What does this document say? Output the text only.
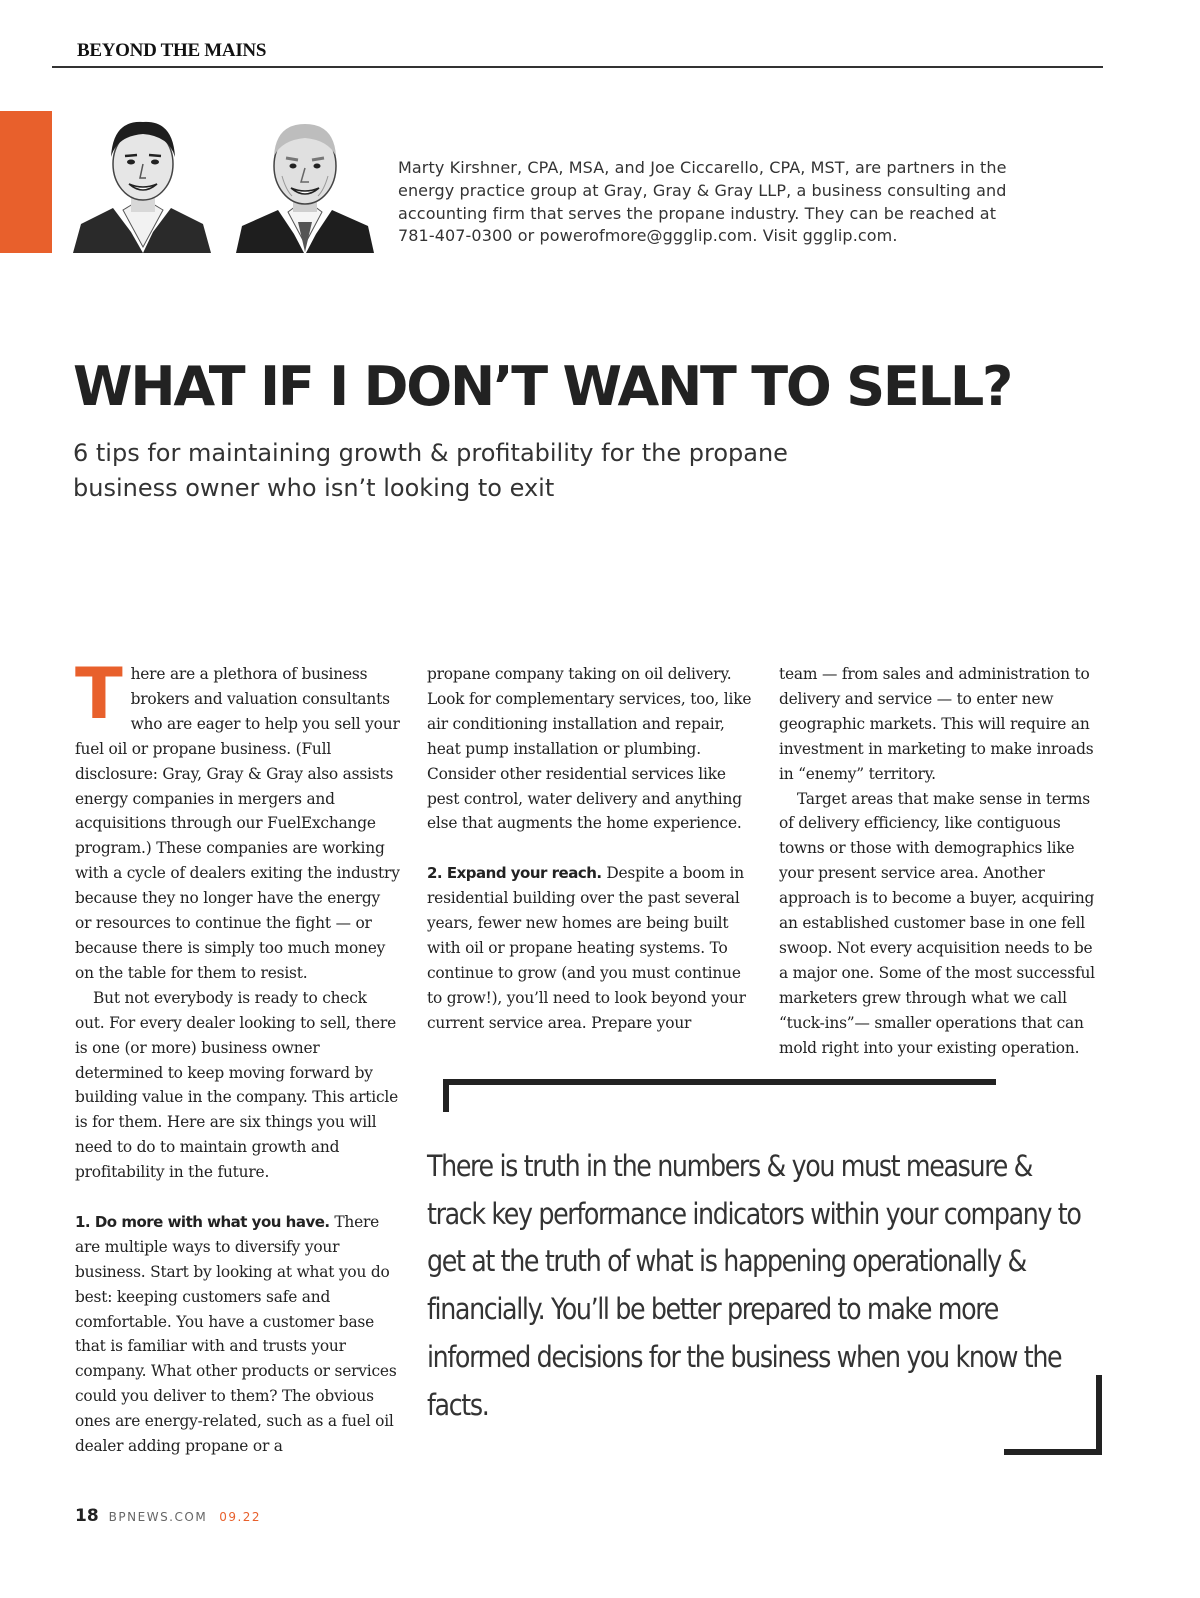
BEYOND THE MAINS
Marty Kirshner, CPA, MSA, and Joe Ciccarello, CPA, MST, are partners in the energy practice group at Gray, Gray & Gray LLP, a business consulting and accounting firm that serves the propane industry. They can be reached at 781-407-0300 or powerofmore@ggglip.com. Visit ggglip.com.
WHAT IF I DON’T WANT TO SELL?
6 tips for maintaining growth & profitability for the propane business owner who isn’t looking to exit

There are a plethora of business brokers and valuation consultants who are eager to help you sell your fuel oil or propane business. (Full disclosure: Gray, Gray & Gray also assists energy companies in mergers and acquisitions through our FuelExchange program.) These companies are working with a cycle of dealers exiting the industry because they no longer have the energy or resources to continue the fight — or because there is simply too much money on the table for them to resist.

But not everybody is ready to check out. For every dealer looking to sell, there is one (or more) business owner determined to keep moving forward by building value in the company. This article is for them. Here are six things you will need to do to maintain growth and profitability in the future.

1. Do more with what you have. There are multiple ways to diversify your business. Start by looking at what you do best: keeping customers safe and comfortable. You have a customer base that is familiar with and trusts your company. What other products or services could you deliver to them? The obvious ones are energy-related, such as a fuel oil dealer adding propane or a

propane company taking on oil delivery. Look for complementary services, too, like air conditioning installation and repair, heat pump installation or plumbing. Consider other residential services like pest control, water delivery and anything else that augments the home experience.

2. Expand your reach. Despite a boom in residential building over the past several years, fewer new homes are being built with oil or propane heating systems. To continue to grow (and you must continue to grow!), you’ll need to look beyond your current service area. Prepare your

team — from sales and administration to delivery and service — to enter new geographic markets. This will require an investment in marketing to make inroads in “enemy” territory.

Target areas that make sense in terms of delivery efficiency, like contiguous towns or those with demographics like your present service area. Another approach is to become a buyer, acquiring an established customer base in one fell swoop. Not every acquisition needs to be a major one. Some of the most successful marketers grew through what we call “tuck-ins”— smaller operations that can mold right into your existing operation.

There is truth in the numbers & you must measure & track key performance indicators within your company to get at the truth of what is happening operationally & financially. You’ll be better prepared to make more informed decisions for the business when you know the facts.

18 BPNEWS.COM 09.22
